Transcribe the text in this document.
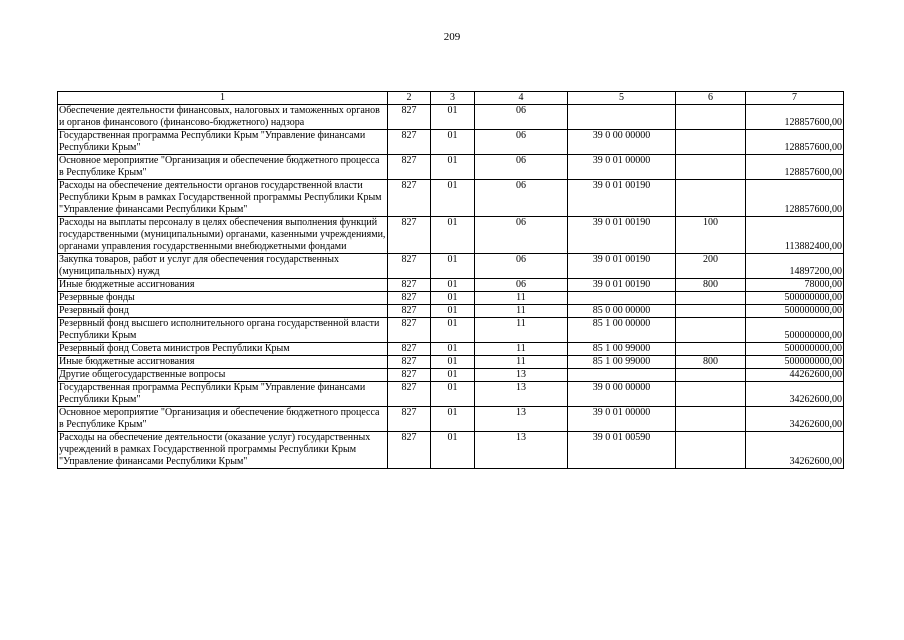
209
1	2	3	4	5	6	7
Обеспечение деятельности финансовых, налоговых и таможенных органов и органов финансового (финансово-бюджетного) надзора	827	01	06			128857600,00
Государственная программа Республики Крым "Управление финансами Республики Крым"	827	01	06	39 0 00 00000		128857600,00
Основное мероприятие "Организация и обеспечение бюджетного процесса в Республике Крым"	827	01	06	39 0 01 00000		128857600,00
Расходы на обеспечение деятельности органов государственной власти Республики Крым в рамках Государственной программы Республики Крым "Управление финансами Республики Крым"	827	01	06	39 0 01 00190		128857600,00
Расходы на выплаты персоналу в целях обеспечения выполнения функций государственными (муниципальными) органами, казенными учреждениями, органами управления государственными внебюджетными фондами	827	01	06	39 0 01 00190	100	113882400,00
Закупка товаров, работ и услуг для обеспечения государственных (муниципальных) нужд	827	01	06	39 0 01 00190	200	14897200,00
Иные бюджетные ассигнования	827	01	06	39 0 01 00190	800	78000,00
Резервные фонды	827	01	11			500000000,00
Резервный фонд	827	01	11	85 0 00 00000		500000000,00
Резервный фонд высшего исполнительного органа государственной власти Республики Крым	827	01	11	85 1 00 00000		500000000,00
Резервный фонд Совета министров Республики Крым	827	01	11	85 1 00 99000		500000000,00
Иные бюджетные ассигнования	827	01	11	85 1 00 99000	800	500000000,00
Другие общегосударственные вопросы	827	01	13			44262600,00
Государственная программа Республики Крым "Управление финансами Республики Крым"	827	01	13	39 0 00 00000		34262600,00
Основное мероприятие "Организация и обеспечение бюджетного процесса в Республике Крым"	827	01	13	39 0 01 00000		34262600,00
Расходы на обеспечение деятельности (оказание услуг) государственных учреждений в рамках Государственной программы Республики Крым "Управление финансами Республики Крым"	827	01	13	39 0 01 00590		34262600,00
